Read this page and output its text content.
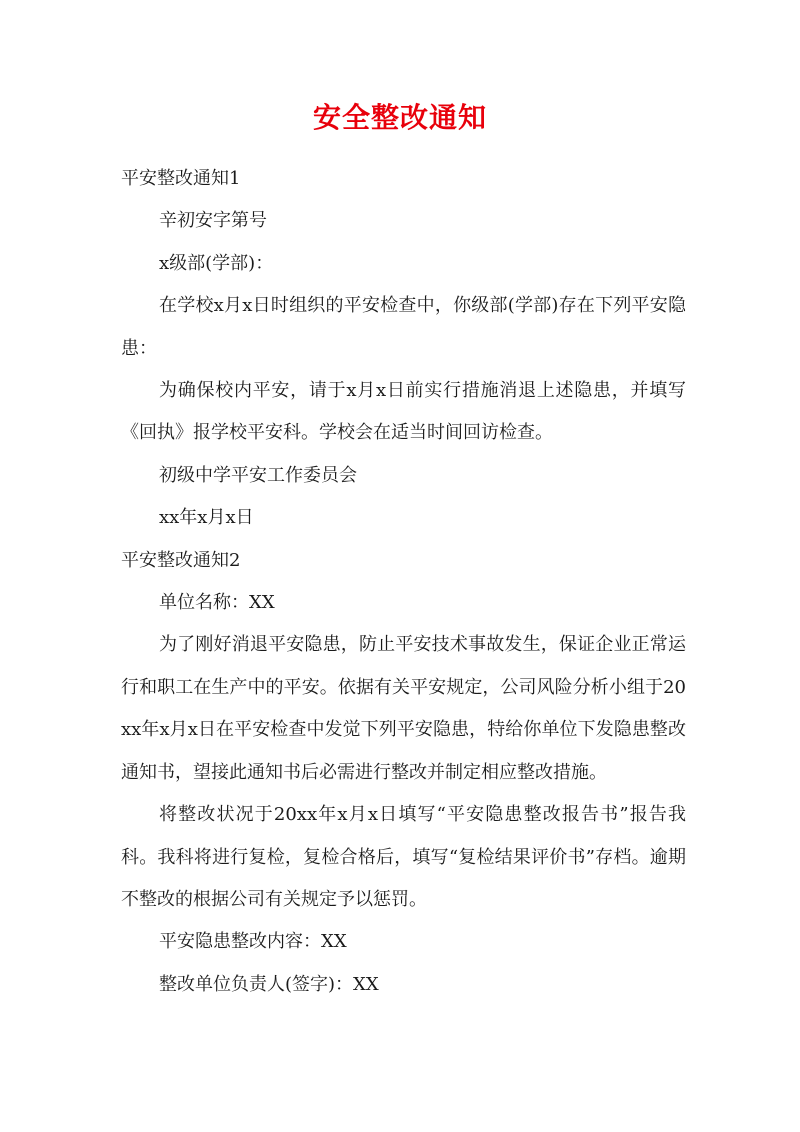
安全整改通知

平安整改通知1

辛初安字第号

x级部(学部)：

在学校x月x日时组织的平安检查中，你级部(学部)存在下列平安隐患：

为确保校内平安，请于x月x日前实行措施消退上述隐患，并填写《回执》报学校平安科。学校会在适当时间回访检查。

初级中学平安工作委员会

xx年x月x日

平安整改通知2

单位名称：XX

为了刚好消退平安隐患，防止平安技术事故发生，保证企业正常运行和职工在生产中的平安。依据有关平安规定，公司风险分析小组于20xx年x月x日在平安检查中发觉下列平安隐患，特给你单位下发隐患整改通知书，望接此通知书后必需进行整改并制定相应整改措施。

将整改状况于20xx年x月x日填写“平安隐患整改报告书”报告我科。我科将进行复检，复检合格后，填写“复检结果评价书”存档。逾期不整改的根据公司有关规定予以惩罚。

平安隐患整改内容：XX

整改单位负责人(签字)：XX
